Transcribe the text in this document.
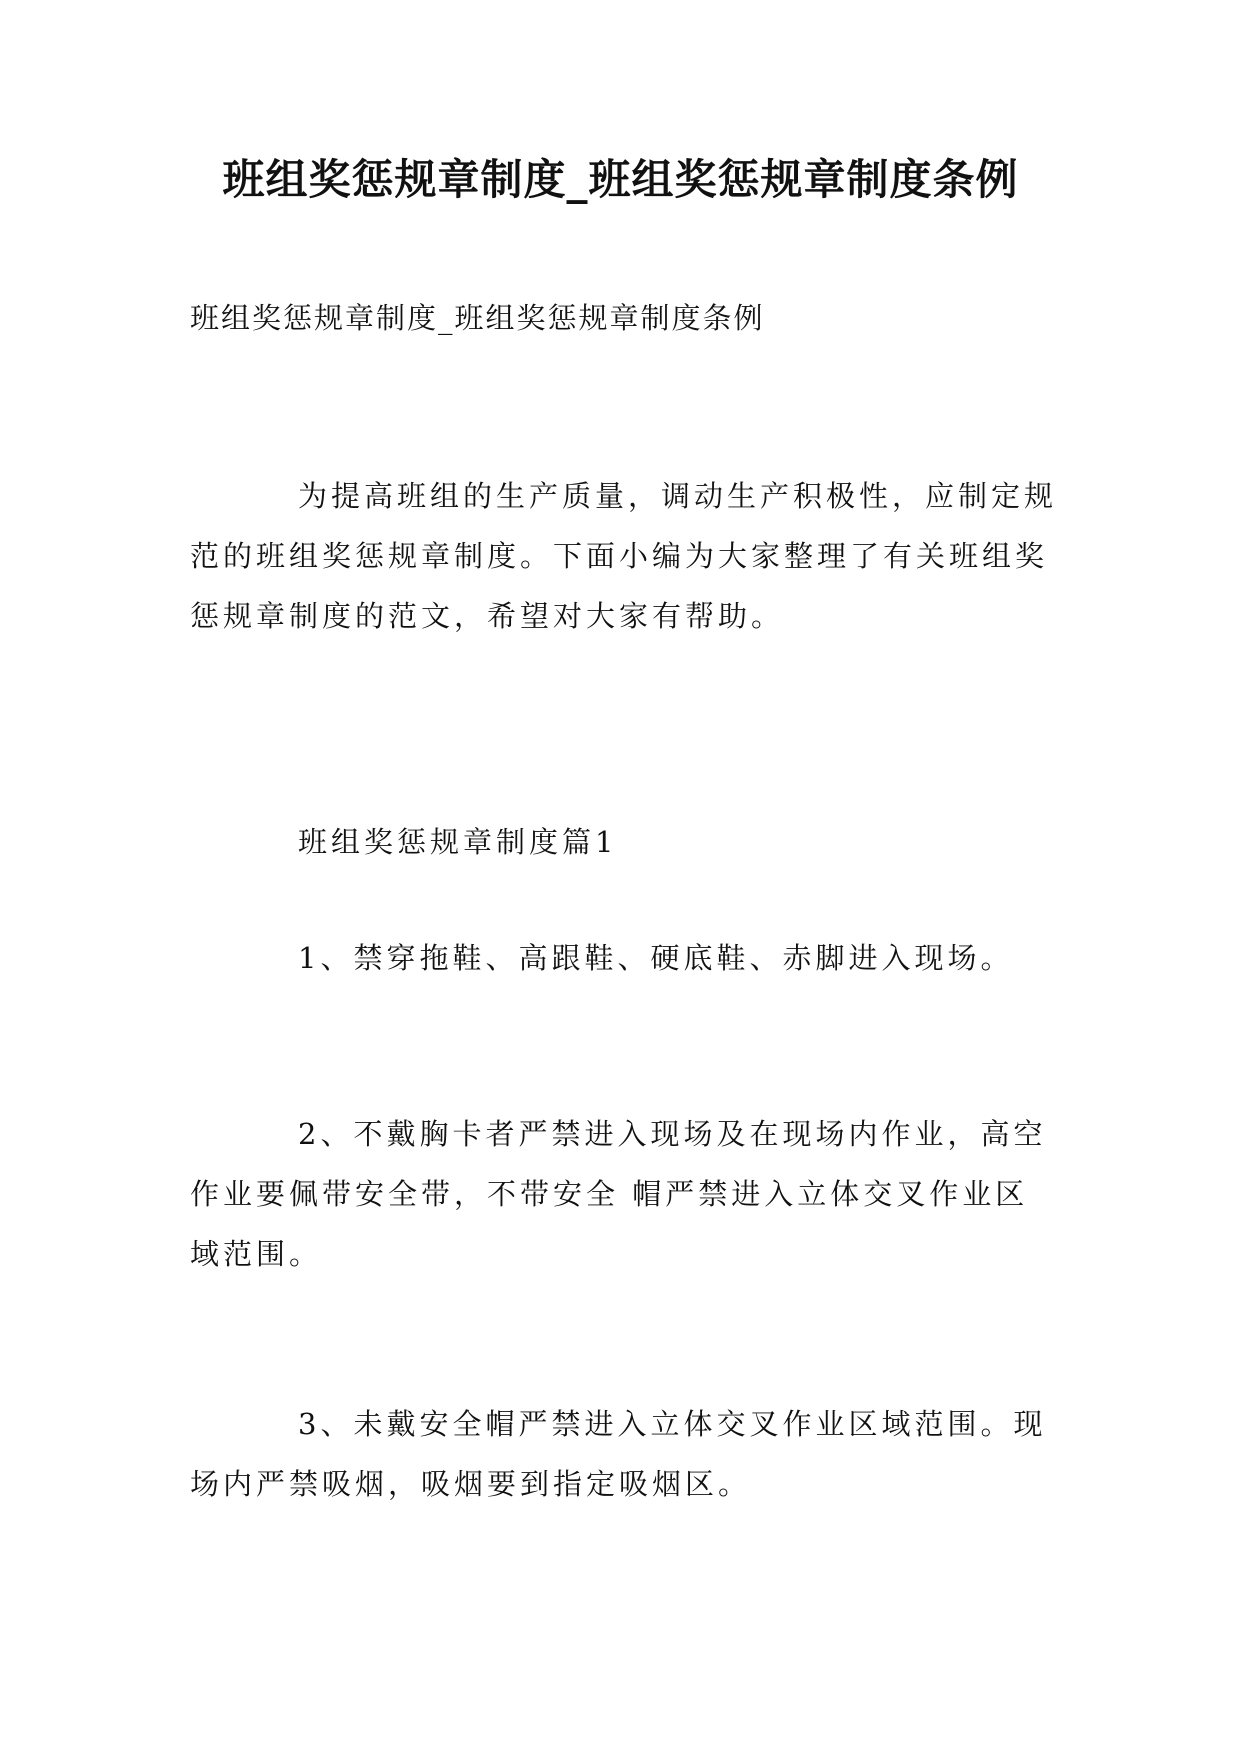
班组奖惩规章制度_班组奖惩规章制度条例

班组奖惩规章制度_班组奖惩规章制度条例

为提高班组的生产质量，调动生产积极性，应制定规范的班组奖惩规章制度。下面小编为大家整理了有关班组奖惩规章制度的范文，希望对大家有帮助。

班组奖惩规章制度篇1

1、禁穿拖鞋、高跟鞋、硬底鞋、赤脚进入现场。

2、不戴胸卡者严禁进入现场及在现场内作业，高空作业要佩带安全带，不带安全 帽严禁进入立体交叉作业区域范围。

3、未戴安全帽严禁进入立体交叉作业区域范围。现场内严禁吸烟，吸烟要到指定吸烟区。
